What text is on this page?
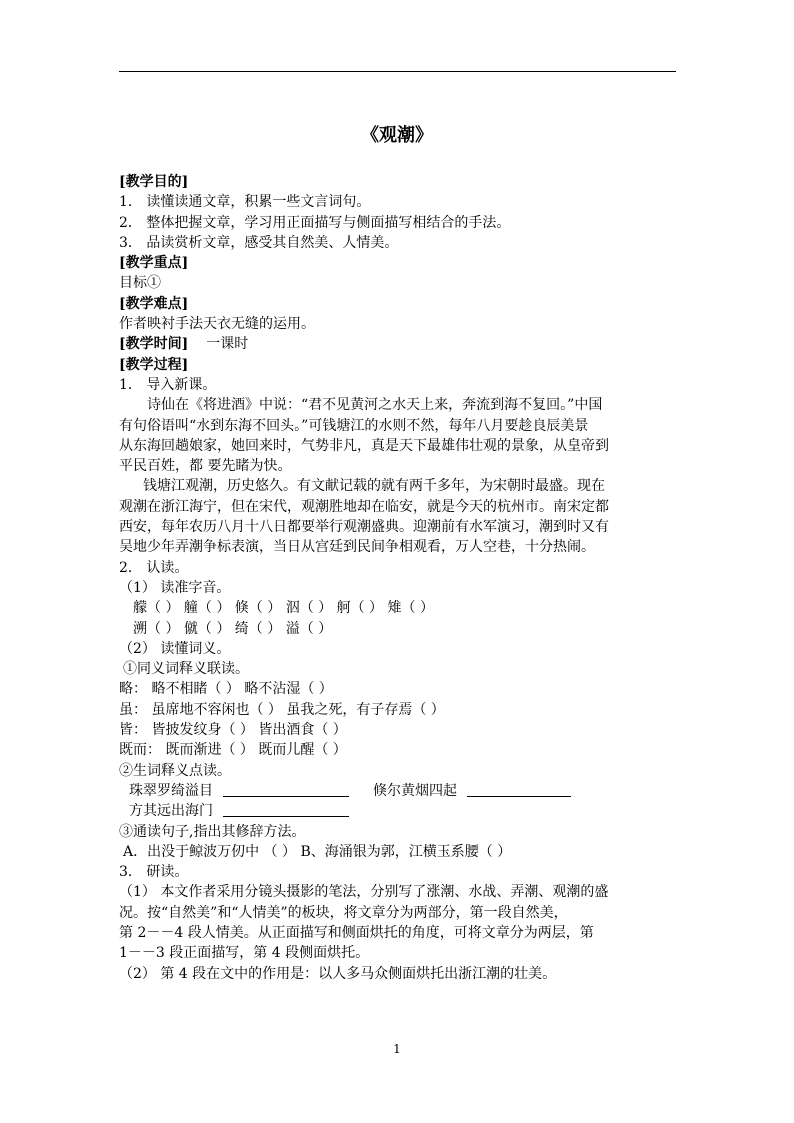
《观潮》
[教学目的]
1． 读懂读通文章，积累一些文言词句。
2． 整体把握文章，学习用正面描写与侧面描写相结合的手法。
3． 品读赏析文章，感受其自然美、人情美。
[教学重点]
目标①
[教学难点]
作者映衬手法天衣无缝的运用。
[教学时间] 一课时
[教学过程]
1． 导入新课。
诗仙在《将进酒》中说：“君不见黄河之水天上来，奔流到海不复回。”中国
有句俗语叫“水到东海不回头。”可钱塘江的水则不然，每年八月要趁良辰美景
从东海回趟娘家，她回来时，气势非凡，真是天下最雄伟壮观的景象，从皇帝到
平民百姓，都 要先睹为快。
钱塘江观潮，历史悠久。有文献记载的就有两千多年，为宋朝时最盛。现在
观潮在浙江海宁，但在宋代，观潮胜地却在临安，就是今天的杭州市。南宋定都
西安，每年农历八月十八日都要举行观潮盛典。迎潮前有水军演习，潮到时又有
吴地少年弄潮争标表演，当日从宫廷到民间争相观看，万人空巷，十分热闹。
2． 认读。
（1） 读准字音。
艨（ ） 艟（ ） 倏（ ） 泅（ ） 舸（ ） 雉（ ）
溯（ ） 僦（ ） 绮（ ） 溢（ ）
（2） 读懂词义。
①同义词释义联读。
略： 略不相睹（ ） 略不沾湿（ ）
虽： 虽席地不容闲也（ ） 虽我之死，有子存焉（ ）
皆： 皆披发纹身（ ） 皆出酒食（ ）
既而： 既而渐进（ ） 既而儿醒（ ）
②生词释义点读。
珠翠罗绮溢目	倏尔黄烟四起
方其远出海门
③通读句子,指出其修辞方法。
A．出没于鲸波万仞中 （ ） B、海涌银为郭，江横玉系腰（ ）
3． 研读。
（1） 本文作者采用分镜头摄影的笔法，分别写了涨潮、水战、弄潮、观潮的盛
况。按“自然美”和“人情美”的板块，将文章分为两部分，第一段自然美，
第 2－－4 段人情美。从正面描写和侧面烘托的角度，可将文章分为两层，第
1－－3 段正面描写，第 4 段侧面烘托。
（2） 第 4 段在文中的作用是：以人多马众侧面烘托出浙江潮的壮美。
1
